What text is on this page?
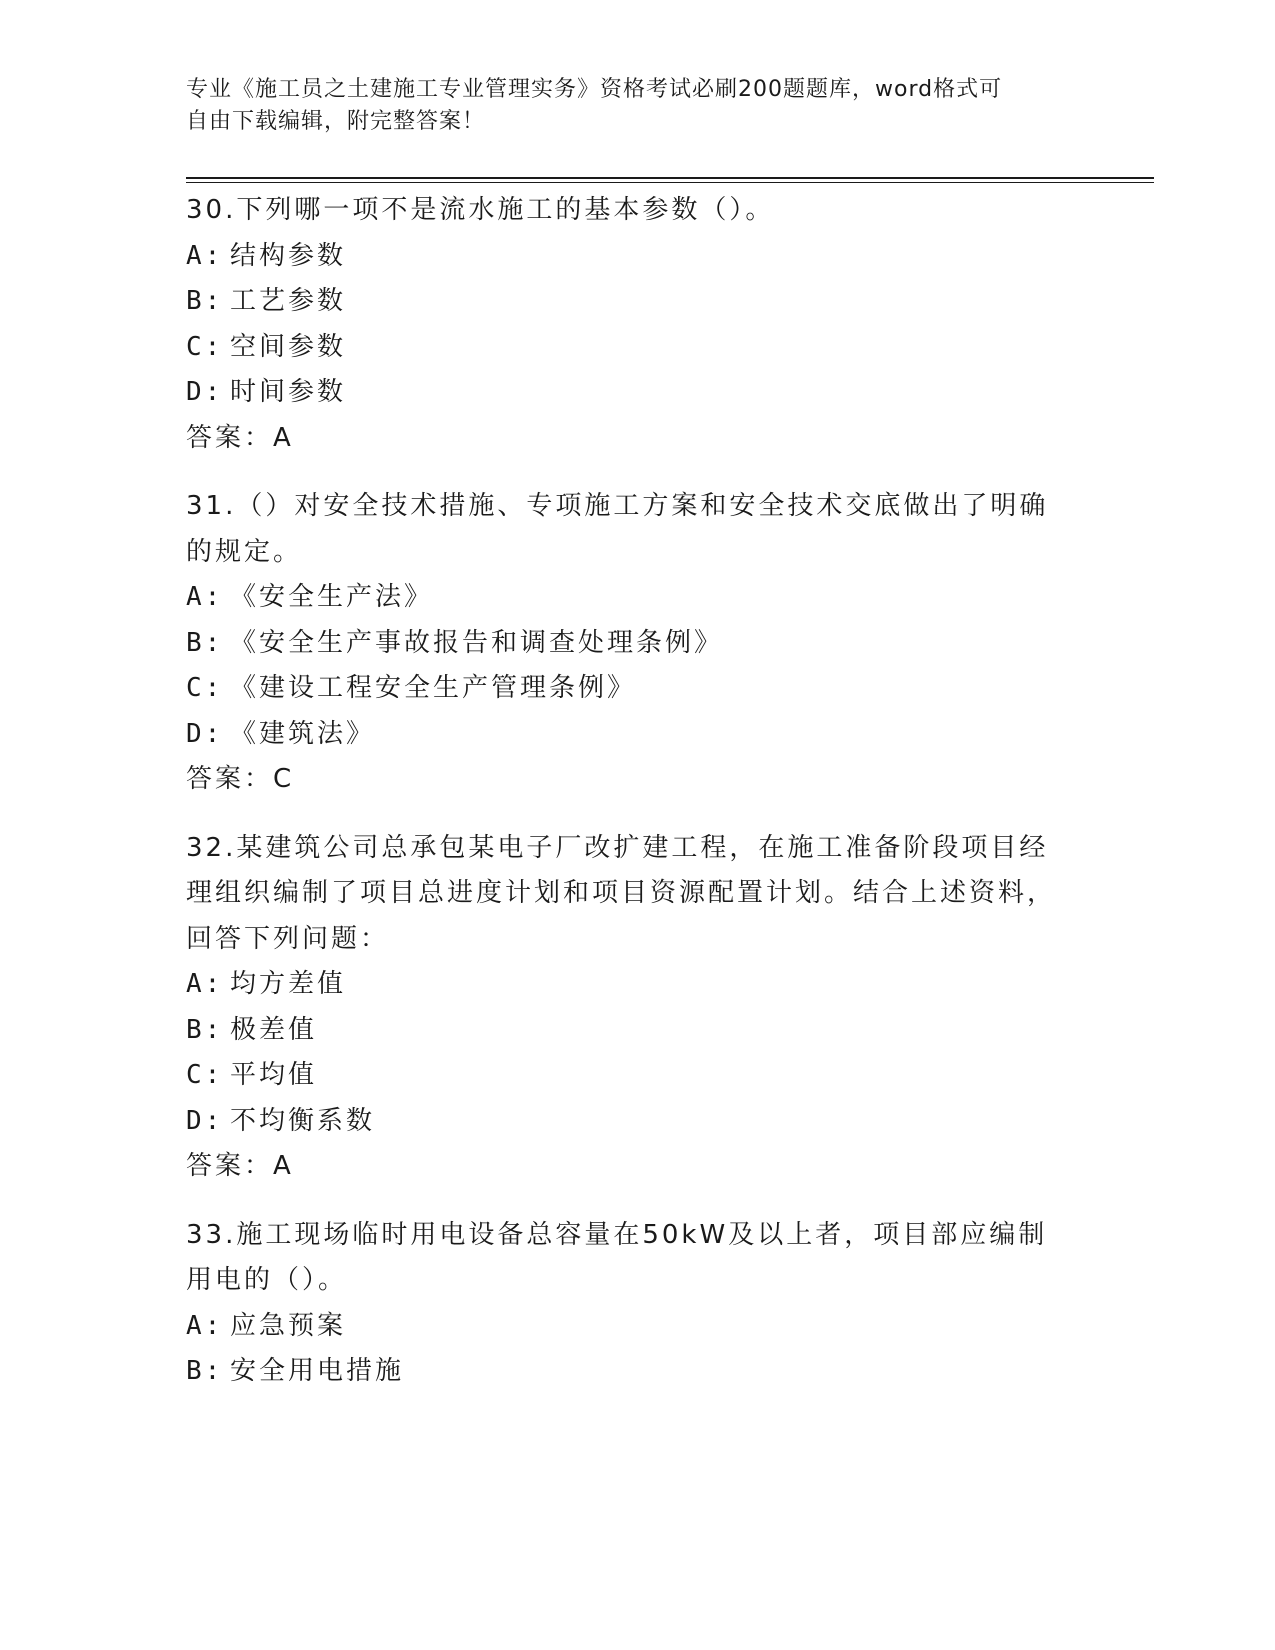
专业《施工员之土建施工专业管理实务》资格考试必刷200题题库，word格式可
自由下载编辑，附完整答案！
30.下列哪一项不是流水施工的基本参数（）。
A: 结构参数
B: 工艺参数
C: 空间参数
D: 时间参数
答案：A
31.（）对安全技术措施、专项施工方案和安全技术交底做出了明确的规定。
A: 《安全生产法》
B: 《安全生产事故报告和调查处理条例》
C: 《建设工程安全生产管理条例》
D: 《建筑法》
答案：C
32.某建筑公司总承包某电子厂改扩建工程，在施工准备阶段项目经理组织编制了项目总进度计划和项目资源配置计划。结合上述资料，回答下列问题：
A: 均方差值
B: 极差值
C: 平均值
D: 不均衡系数
答案：A
33.施工现场临时用电设备总容量在50kW及以上者，项目部应编制用电的（）。
A: 应急预案
B: 安全用电措施
